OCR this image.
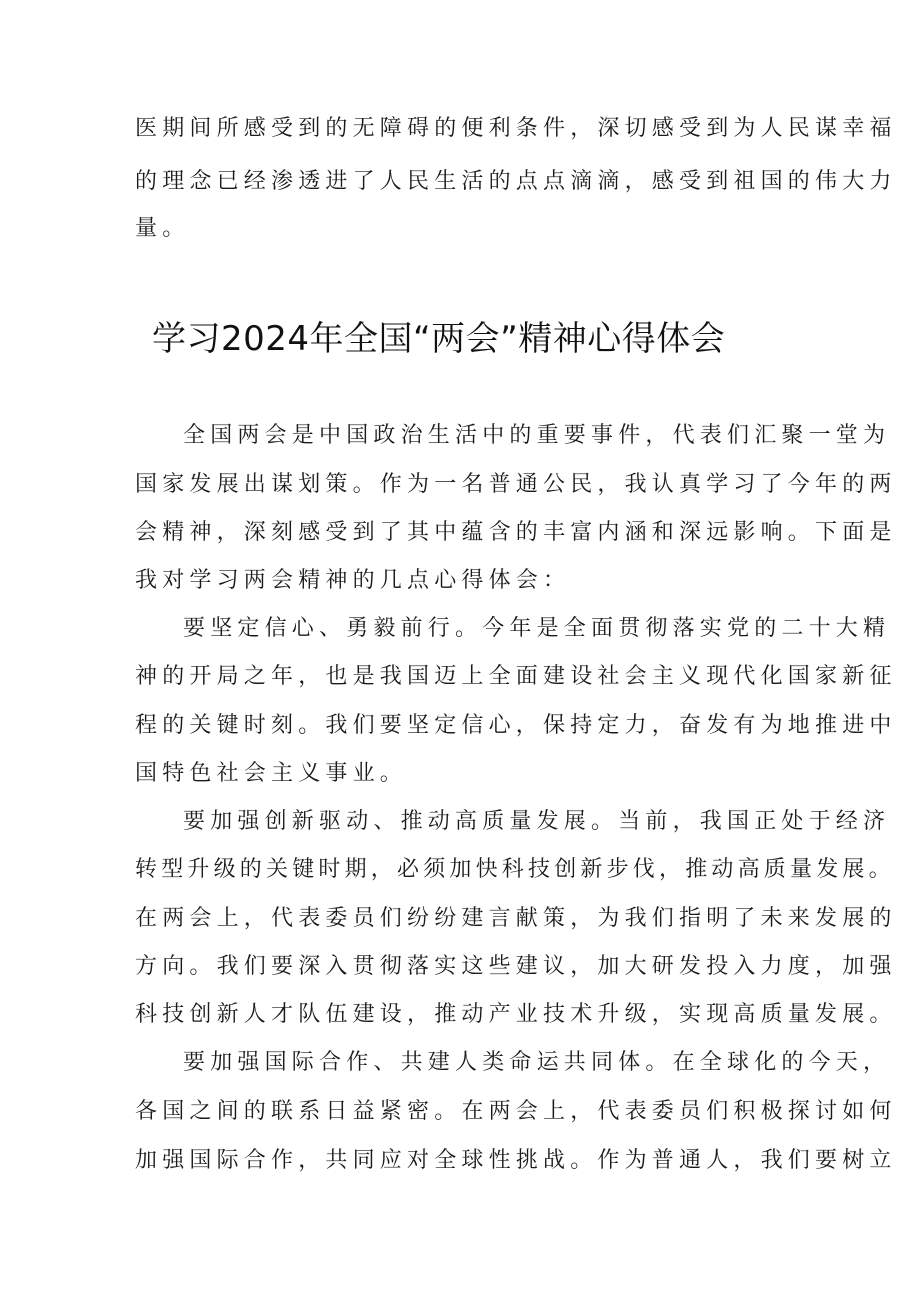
医期间所感受到的无障碍的便利条件，深切感受到为人民谋幸福
的理念已经渗透进了人民生活的点点滴滴，感受到祖国的伟大力
量。
学习2024年全国“两会”精神心得体会
全国两会是中国政治生活中的重要事件，代表们汇聚一堂为
国家发展出谋划策。作为一名普通公民，我认真学习了今年的两
会精神，深刻感受到了其中蕴含的丰富内涵和深远影响。下面是
我对学习两会精神的几点心得体会：
要坚定信心、勇毅前行。今年是全面贯彻落实党的二十大精
神的开局之年，也是我国迈上全面建设社会主义现代化国家新征
程的关键时刻。我们要坚定信心，保持定力，奋发有为地推进中
国特色社会主义事业。
要加强创新驱动、推动高质量发展。当前，我国正处于经济
转型升级的关键时期，必须加快科技创新步伐，推动高质量发展。
在两会上，代表委员们纷纷建言献策，为我们指明了未来发展的
方向。我们要深入贯彻落实这些建议，加大研发投入力度，加强
科技创新人才队伍建设，推动产业技术升级，实现高质量发展。
要加强国际合作、共建人类命运共同体。在全球化的今天，
各国之间的联系日益紧密。在两会上，代表委员们积极探讨如何
加强国际合作，共同应对全球性挑战。作为普通人，我们要树立
